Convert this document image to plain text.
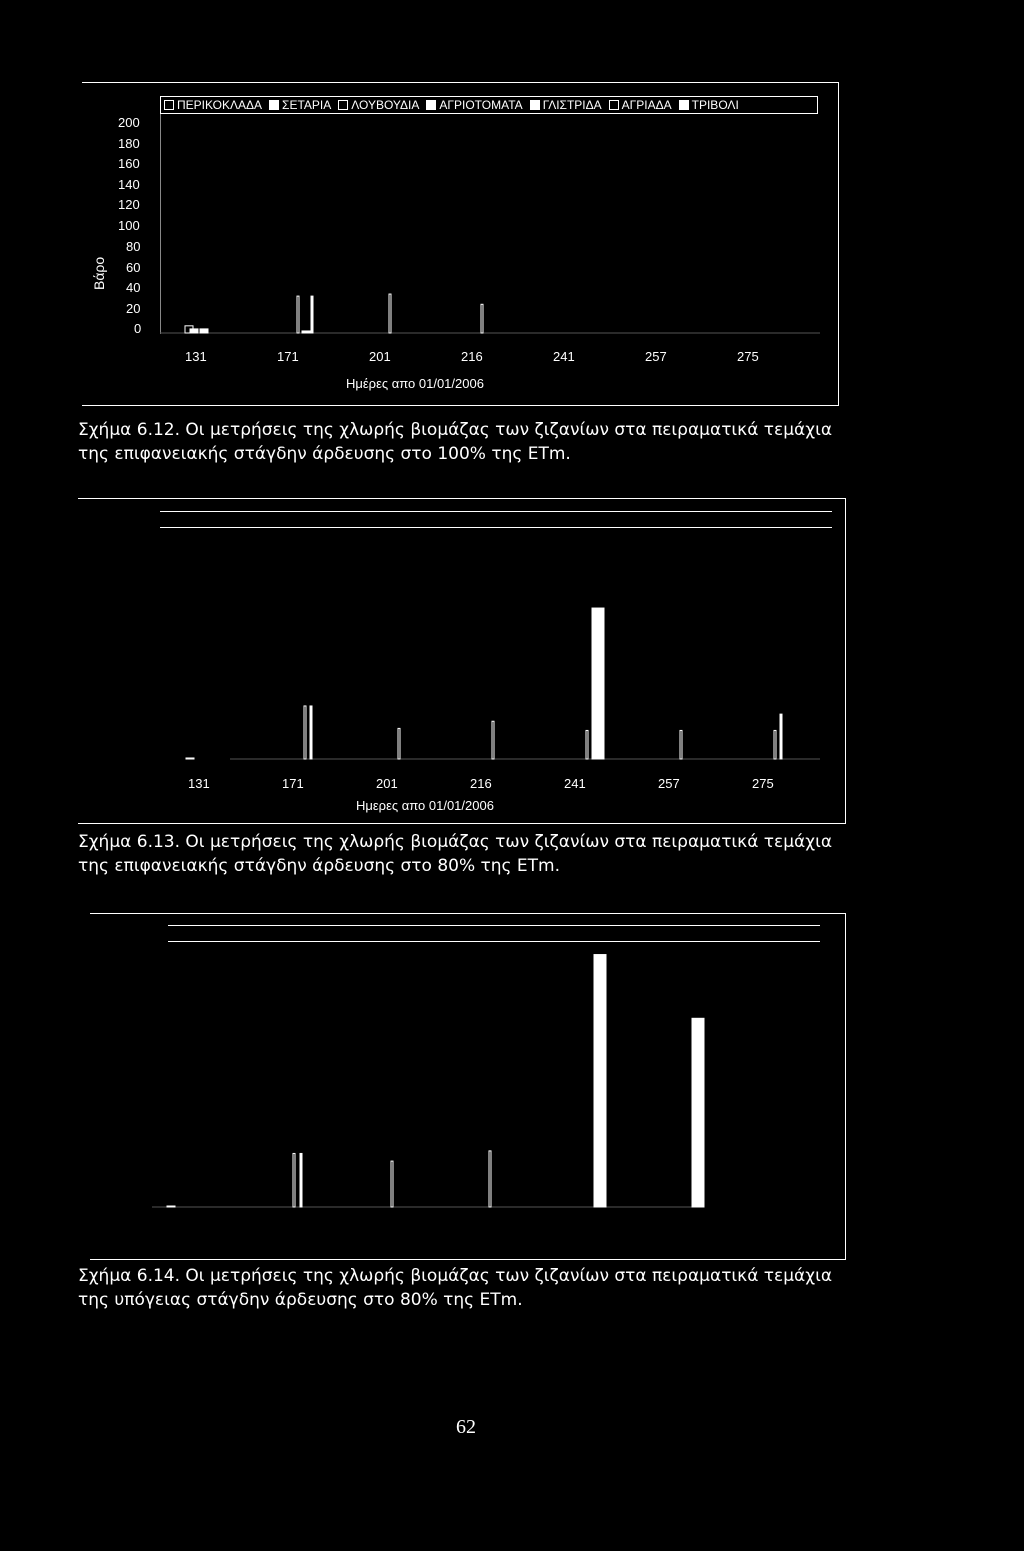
ΠΕΡΙΚΟΚΛΑΔΑ ΣΕΤΑΡΙΑ ΛΟΥΒΟΥΔΙΑ ΑΓΡΙΟΤΟΜΑΤΑ ΓΛΙΣΤΡΙΔΑ ΑΓΡΙΑΔΑ ΤΡΙΒΟΛΙ
Βάρο
200
180
160
140
120
100
80
60
40
20
0
131	171	201	216	241	257	275
Ημέρες απο 01/01/2006
Σχήμα 6.12. Οι μετρήσεις της χλωρής βιομάζας των ζιζανίων στα πειραματικά τεμάχια
της επιφανειακής στάγδην άρδευσης στο 100% της ETm.
131	171	201	216	241	257	275
Ημερες απο 01/01/2006
Σχήμα 6.13. Οι μετρήσεις της χλωρής βιομάζας των ζιζανίων στα πειραματικά τεμάχια
της επιφανειακής στάγδην άρδευσης στο 80% της ETm.
Σχήμα 6.14. Οι μετρήσεις της χλωρής βιομάζας των ζιζανίων στα πειραματικά τεμάχια
της υπόγειας στάγδην άρδευσης στο 80% της ETm.
62
